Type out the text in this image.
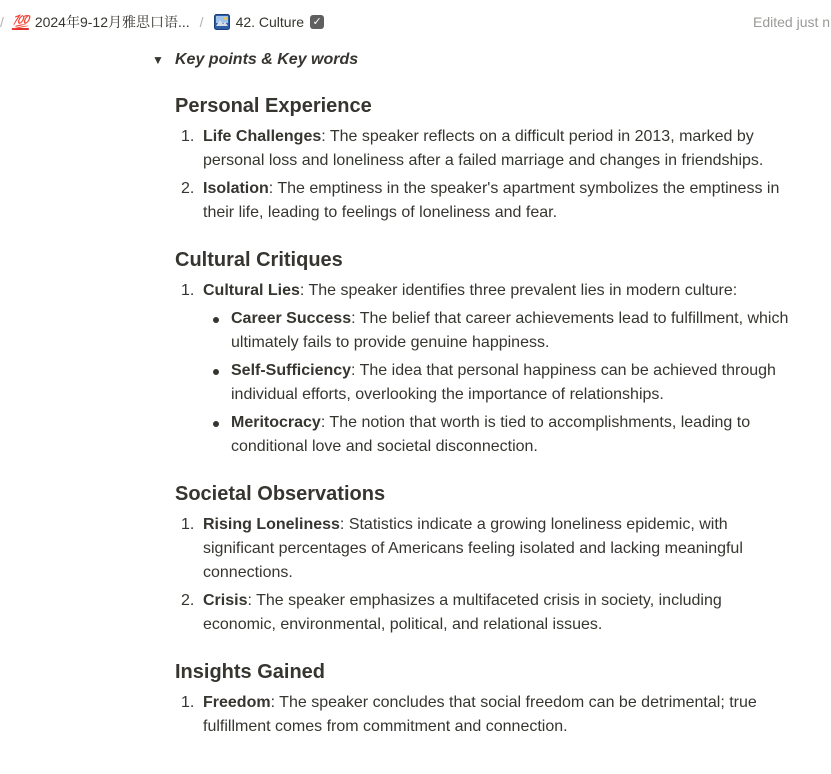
/ 💯 2024年9-12月雅思口语... / 42. Culture ✓	Edited just n
▼ Key points & Key words
Personal Experience
1. Life Challenges: The speaker reflects on a difficult period in 2013, marked by personal loss and loneliness after a failed marriage and changes in friendships.
2. Isolation: The emptiness in the speaker's apartment symbolizes the emptiness in their life, leading to feelings of loneliness and fear.
Cultural Critiques
1. Cultural Lies: The speaker identifies three prevalent lies in modern culture:
Career Success: The belief that career achievements lead to fulfillment, which ultimately fails to provide genuine happiness.
Self-Sufficiency: The idea that personal happiness can be achieved through individual efforts, overlooking the importance of relationships.
Meritocracy: The notion that worth is tied to accomplishments, leading to conditional love and societal disconnection.
Societal Observations
1. Rising Loneliness: Statistics indicate a growing loneliness epidemic, with significant percentages of Americans feeling isolated and lacking meaningful connections.
2. Crisis: The speaker emphasizes a multifaceted crisis in society, including economic, environmental, political, and relational issues.
Insights Gained
1. Freedom: The speaker concludes that social freedom can be detrimental; true fulfillment comes from commitment and connection.
